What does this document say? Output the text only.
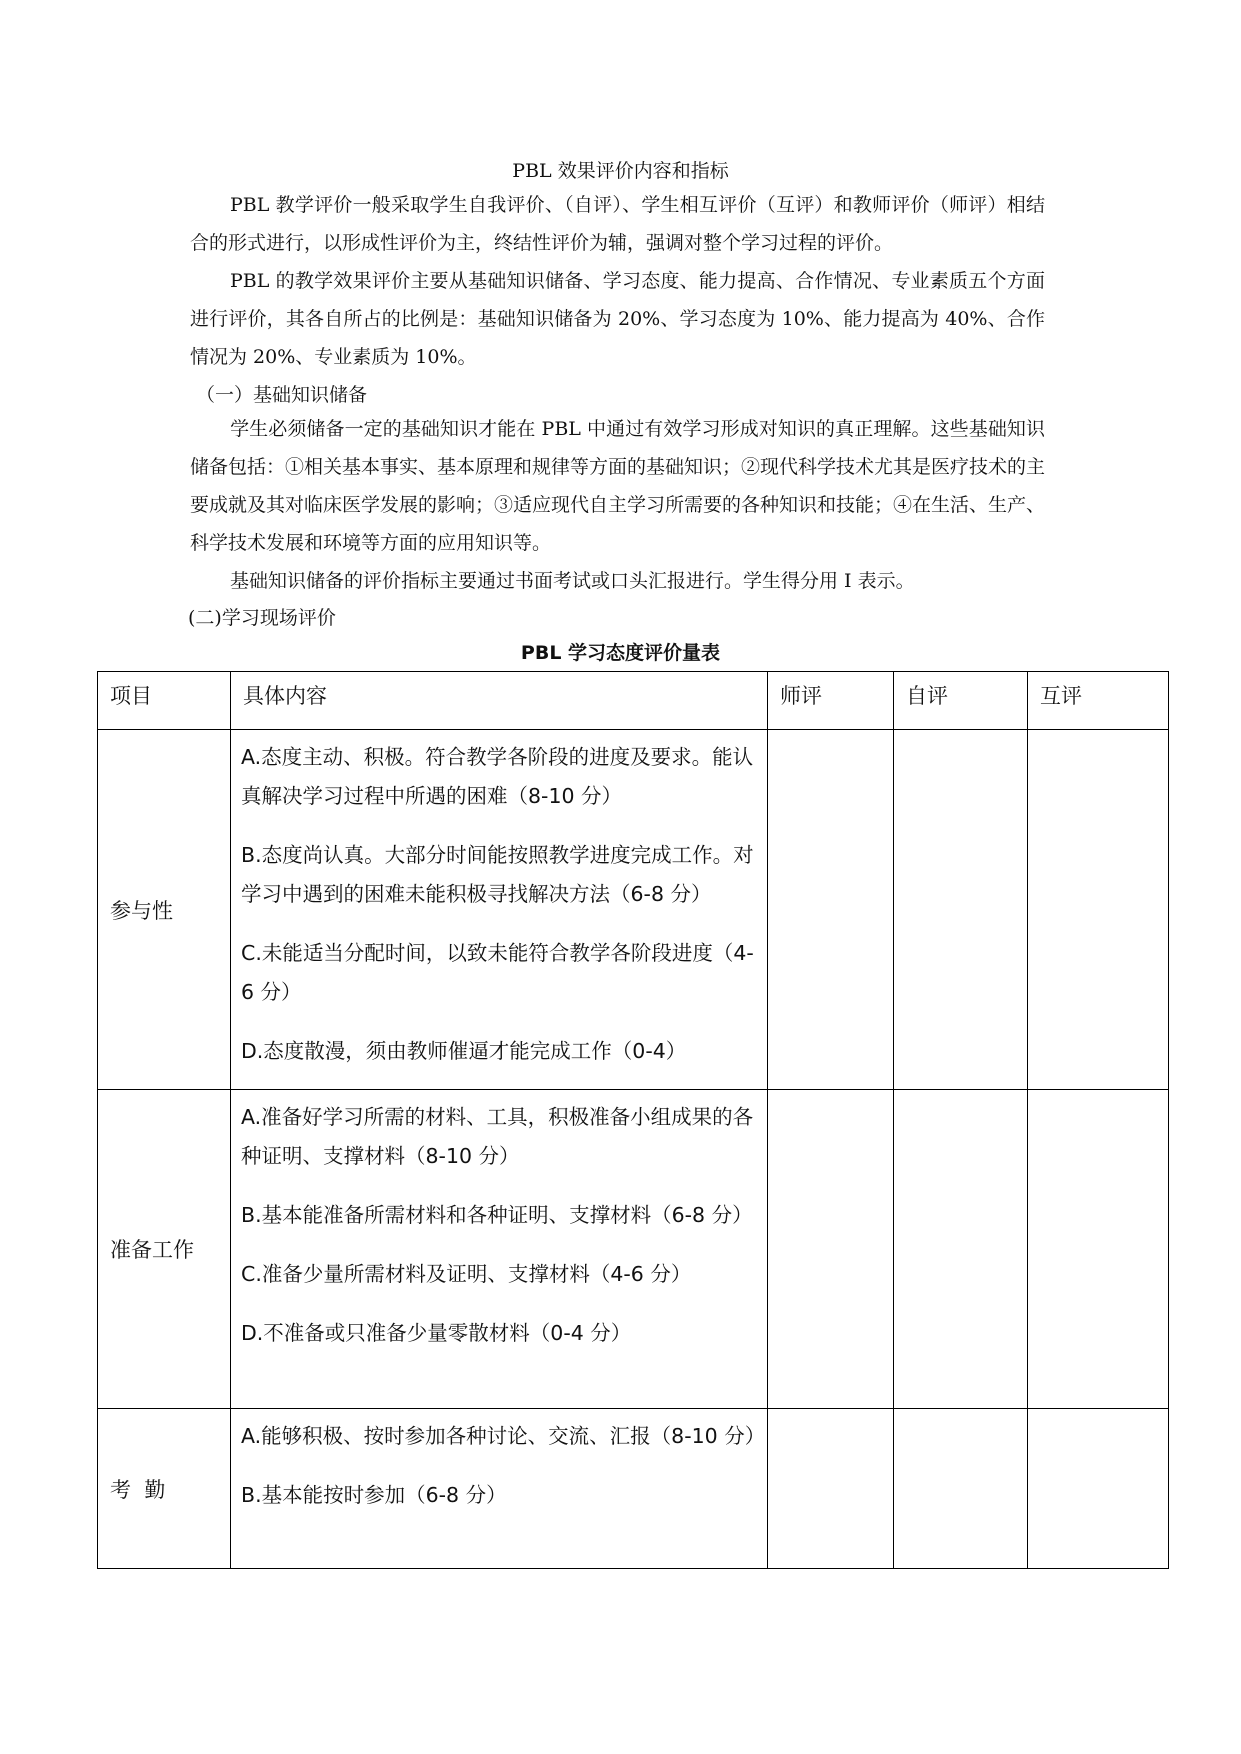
PBL 效果评价内容和指标
PBL 教学评价一般采取学生自我评价、（自评）、学生相互评价（互评）和教师评价（师评）相结合的形式进行，以形成性评价为主，终结性评价为辅，强调对整个学习过程的评价。
PBL 的教学效果评价主要从基础知识储备、学习态度、能力提高、合作情况、专业素质五个方面进行评价，其各自所占的比例是：基础知识储备为 20%、学习态度为 10%、能力提高为 40%、合作情况为 20%、专业素质为 10%。
（一）基础知识储备
学生必须储备一定的基础知识才能在 PBL 中通过有效学习形成对知识的真正理解。这些基础知识储备包括：①相关基本事实、基本原理和规律等方面的基础知识；②现代科学技术尤其是医疗技术的主要成就及其对临床医学发展的影响；③适应现代自主学习所需要的各种知识和技能；④在生活、生产、科学技术发展和环境等方面的应用知识等。
基础知识储备的评价指标主要通过书面考试或口头汇报进行。学生得分用 I 表示。
(二)学习现场评价
PBL 学习态度评价量表
项目	具体内容	师评	自评	互评
参与性	A.态度主动、积极。符合教学各阶段的进度及要求。能认真解决学习过程中所遇的困难（8-10 分）
B.态度尚认真。大部分时间能按照教学进度完成工作。对学习中遇到的困难未能积极寻找解决方法（6-8 分）
C.未能适当分配时间，以致未能符合教学各阶段进度（4-6 分）
D.态度散漫，须由教师催逼才能完成工作（0-4）			

准备工作	A.准备好学习所需的材料、工具，积极准备小组成果的各种证明、支撑材料（8-10 分）
B.基本能准备所需材料和各种证明、支撑材料（6-8 分）
C.准备少量所需材料及证明、支撑材料（4-6 分）
D.不准备或只准备少量零散材料（0-4 分）			

考  勤	A.能够积极、按时参加各种讨论、交流、汇报（8-10 分）
B.基本能按时参加（6-8 分）			
